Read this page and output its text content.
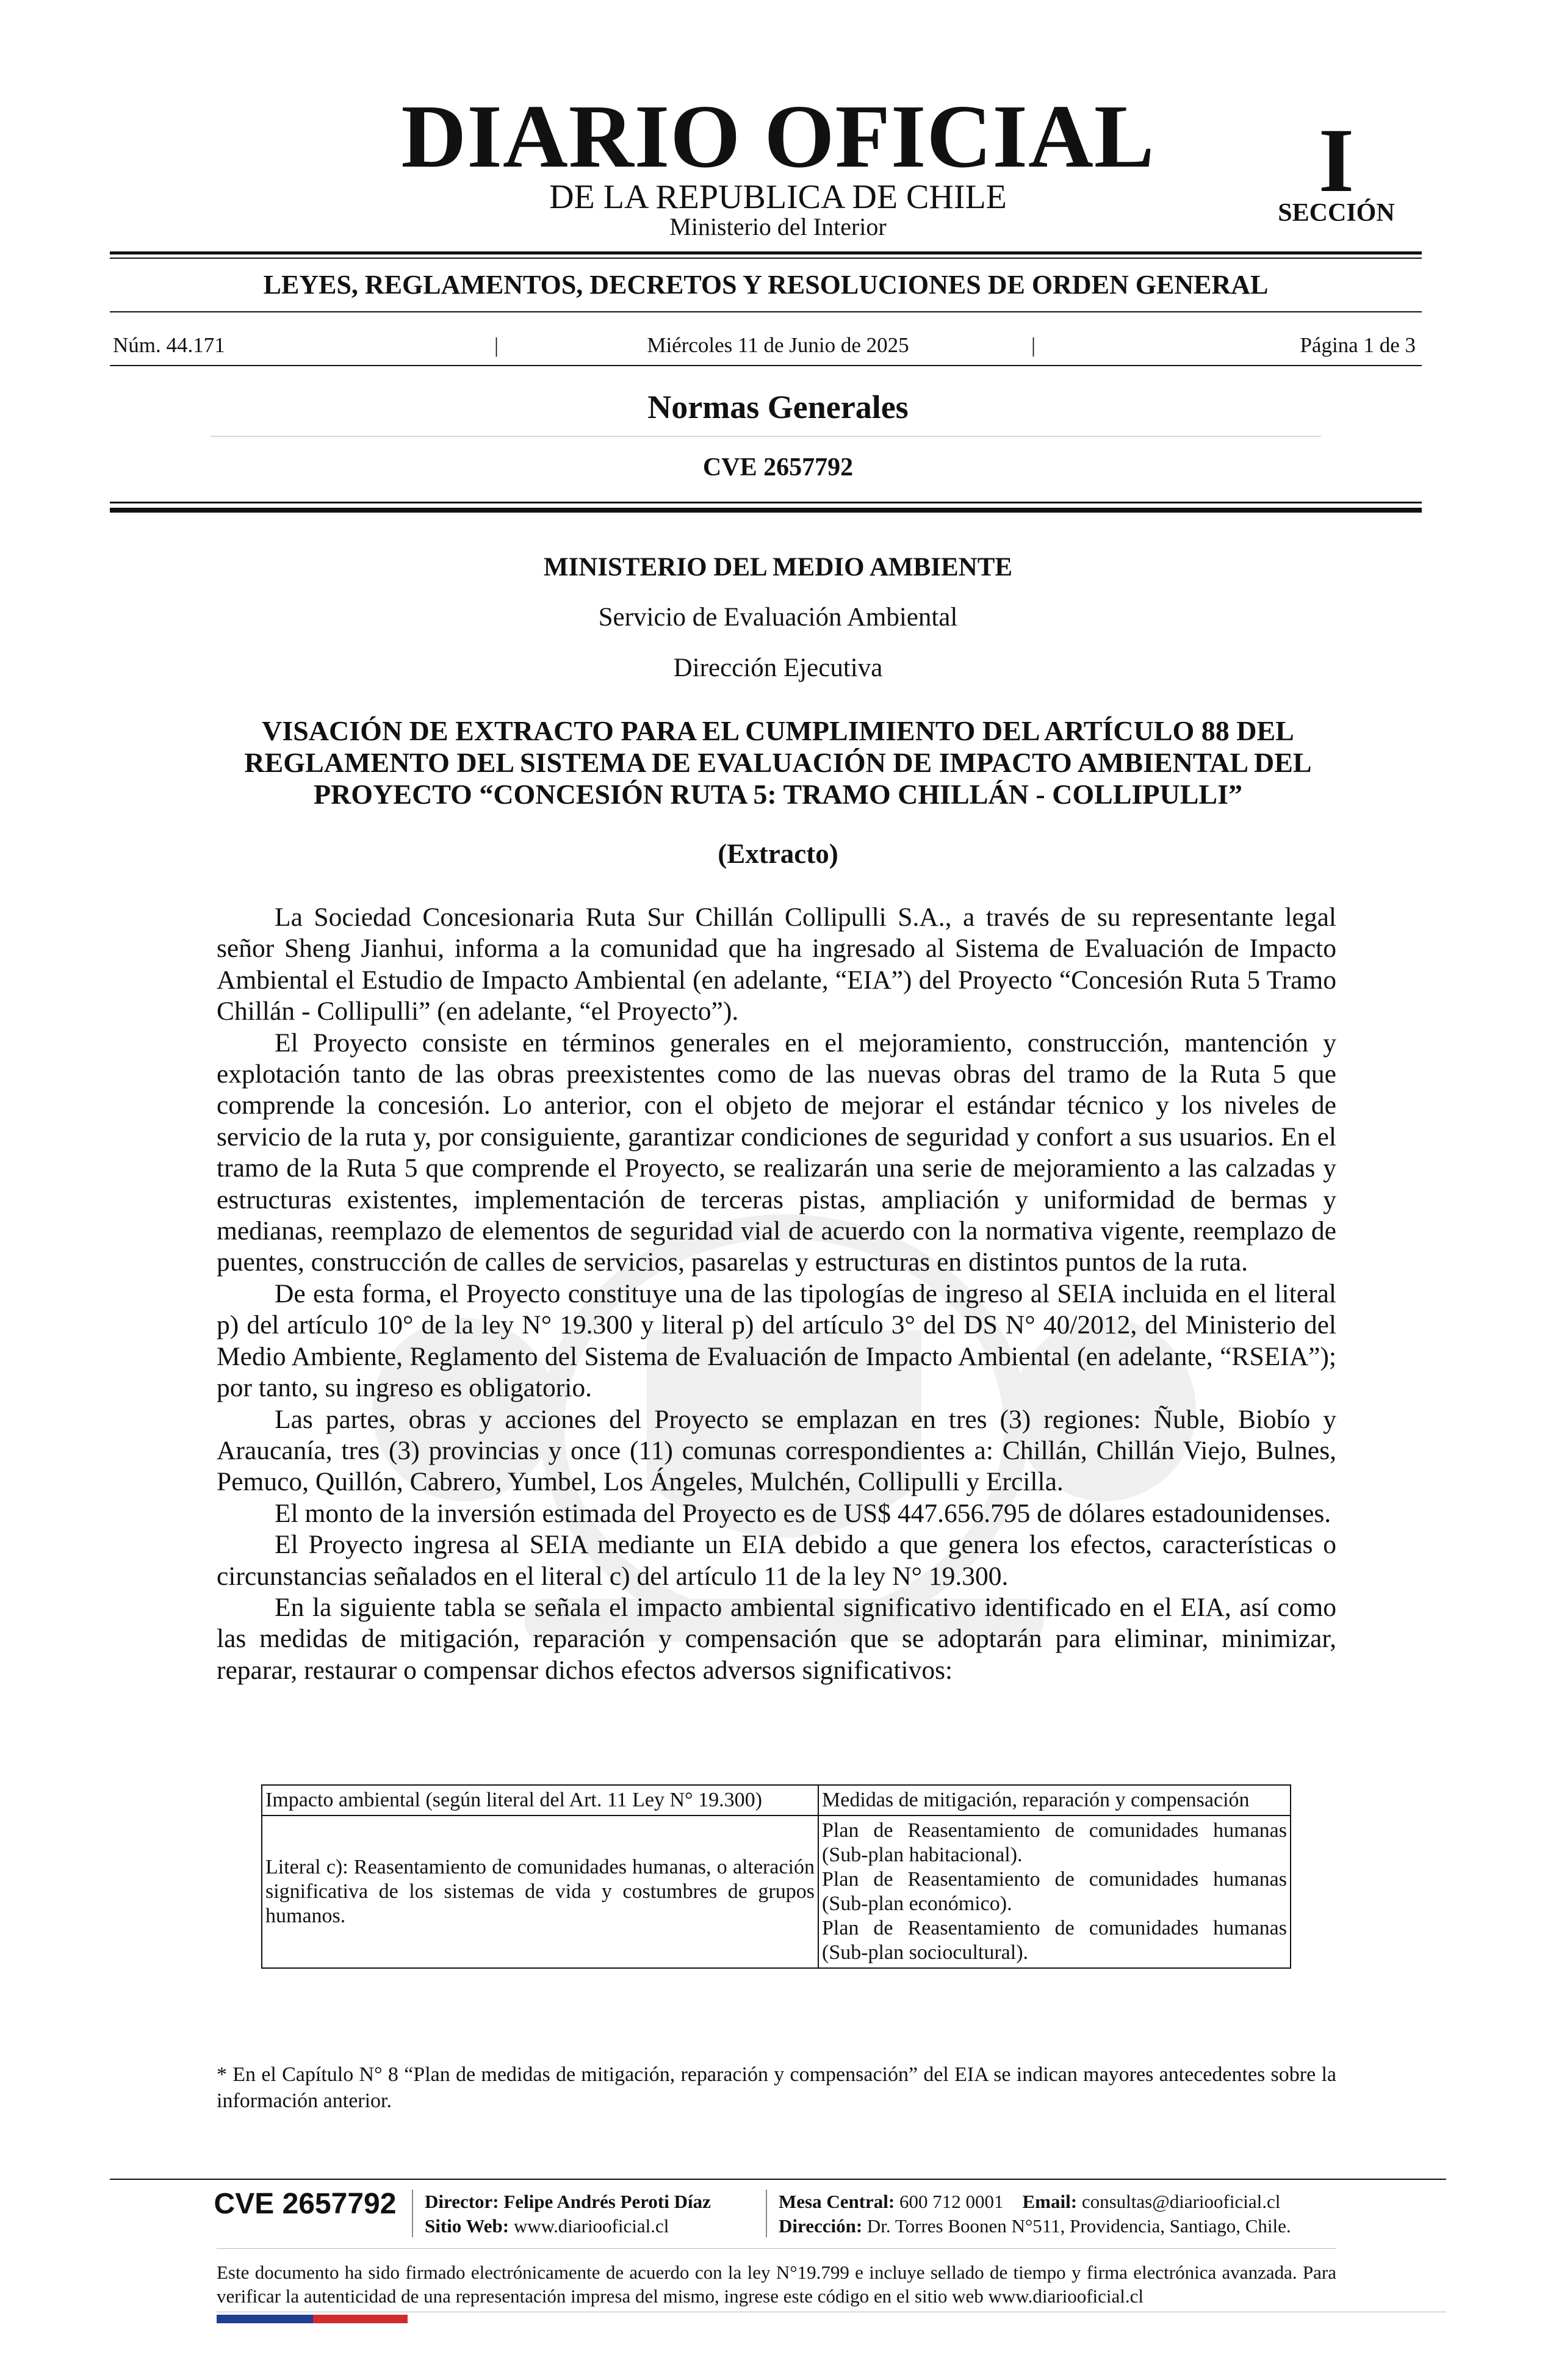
DIARIO OFICIAL
DE LA REPUBLICA DE CHILE
Ministerio del Interior
I
SECCIÓN
LEYES, REGLAMENTOS, DECRETOS Y RESOLUCIONES DE ORDEN GENERAL
Núm. 44.171	|	Miércoles 11 de Junio de 2025	|	Página 1 de 3
Normas Generales
CVE 2657792
MINISTERIO DEL MEDIO AMBIENTE
Servicio de Evaluación Ambiental
Dirección Ejecutiva
VISACIÓN DE EXTRACTO PARA EL CUMPLIMIENTO DEL ARTÍCULO 88 DEL
REGLAMENTO DEL SISTEMA DE EVALUACIÓN DE IMPACTO AMBIENTAL DEL
PROYECTO “CONCESIÓN RUTA 5: TRAMO CHILLÁN - COLLIPULLI”
(Extracto)

La Sociedad Concesionaria Ruta Sur Chillán Collipulli S.A., a través de su representante legal señor Sheng Jianhui, informa a la comunidad que ha ingresado al Sistema de Evaluación de Impacto Ambiental el Estudio de Impacto Ambiental (en adelante, “EIA”) del Proyecto “Concesión Ruta 5 Tramo Chillán - Collipulli” (en adelante, “el Proyecto”).

El Proyecto consiste en términos generales en el mejoramiento, construcción, mantención y explotación tanto de las obras preexistentes como de las nuevas obras del tramo de la Ruta 5 que comprende la concesión. Lo anterior, con el objeto de mejorar el estándar técnico y los niveles de servicio de la ruta y, por consiguiente, garantizar condiciones de seguridad y confort a sus usuarios. En el tramo de la Ruta 5 que comprende el Proyecto, se realizarán una serie de mejoramiento a las calzadas y estructuras existentes, implementación de terceras pistas, ampliación y uniformidad de bermas y medianas, reemplazo de elementos de seguridad vial de acuerdo con la normativa vigente, reemplazo de puentes, construcción de calles de servicios, pasarelas y estructuras en distintos puntos de la ruta.

De esta forma, el Proyecto constituye una de las tipologías de ingreso al SEIA incluida en el literal p) del artículo 10° de la ley N° 19.300 y literal p) del artículo 3° del DS N° 40/2012, del Ministerio del Medio Ambiente, Reglamento del Sistema de Evaluación de Impacto Ambiental (en adelante, “RSEIA”); por tanto, su ingreso es obligatorio.

Las partes, obras y acciones del Proyecto se emplazan en tres (3) regiones: Ñuble, Biobío y Araucanía, tres (3) provincias y once (11) comunas correspondientes a: Chillán, Chillán Viejo, Bulnes, Pemuco, Quillón, Cabrero, Yumbel, Los Ángeles, Mulchén, Collipulli y Ercilla.

El monto de la inversión estimada del Proyecto es de US$ 447.656.795 de dólares estadounidenses.

El Proyecto ingresa al SEIA mediante un EIA debido a que genera los efectos, características o circunstancias señalados en el literal c) del artículo 11 de la ley N° 19.300.

En la siguiente tabla se señala el impacto ambiental significativo identificado en el EIA, así como las medidas de mitigación, reparación y compensación que se adoptarán para eliminar, minimizar, reparar, restaurar o compensar dichos efectos adversos significativos:

Impacto ambiental (según literal del Art. 11 Ley N° 19.300)	Medidas de mitigación, reparación y compensación
Literal c): Reasentamiento de comunidades humanas, o alteración significativa de los sistemas de vida y costumbres de grupos humanos.	Plan de Reasentamiento de comunidades humanas (Sub-plan habitacional).
Plan de Reasentamiento de comunidades humanas (Sub-plan económico).
Plan de Reasentamiento de comunidades humanas (Sub-plan sociocultural).
* En el Capítulo N° 8 “Plan de medidas de mitigación, reparación y compensación” del EIA se indican mayores antecedentes sobre la información anterior.
CVE 2657792	Director: Felipe Andrés Peroti Díaz
Sitio Web: www.diariooficial.cl
Mesa Central: 600 712 0001 Email: consultas@diariooficial.cl
Dirección: Dr. Torres Boonen N°511, Providencia, Santiago, Chile.
Este documento ha sido firmado electrónicamente de acuerdo con la ley N°19.799 e incluye sellado de tiempo y firma electrónica avanzada. Para verificar la autenticidad de una representación impresa del mismo, ingrese este código en el sitio web www.diariooficial.cl
